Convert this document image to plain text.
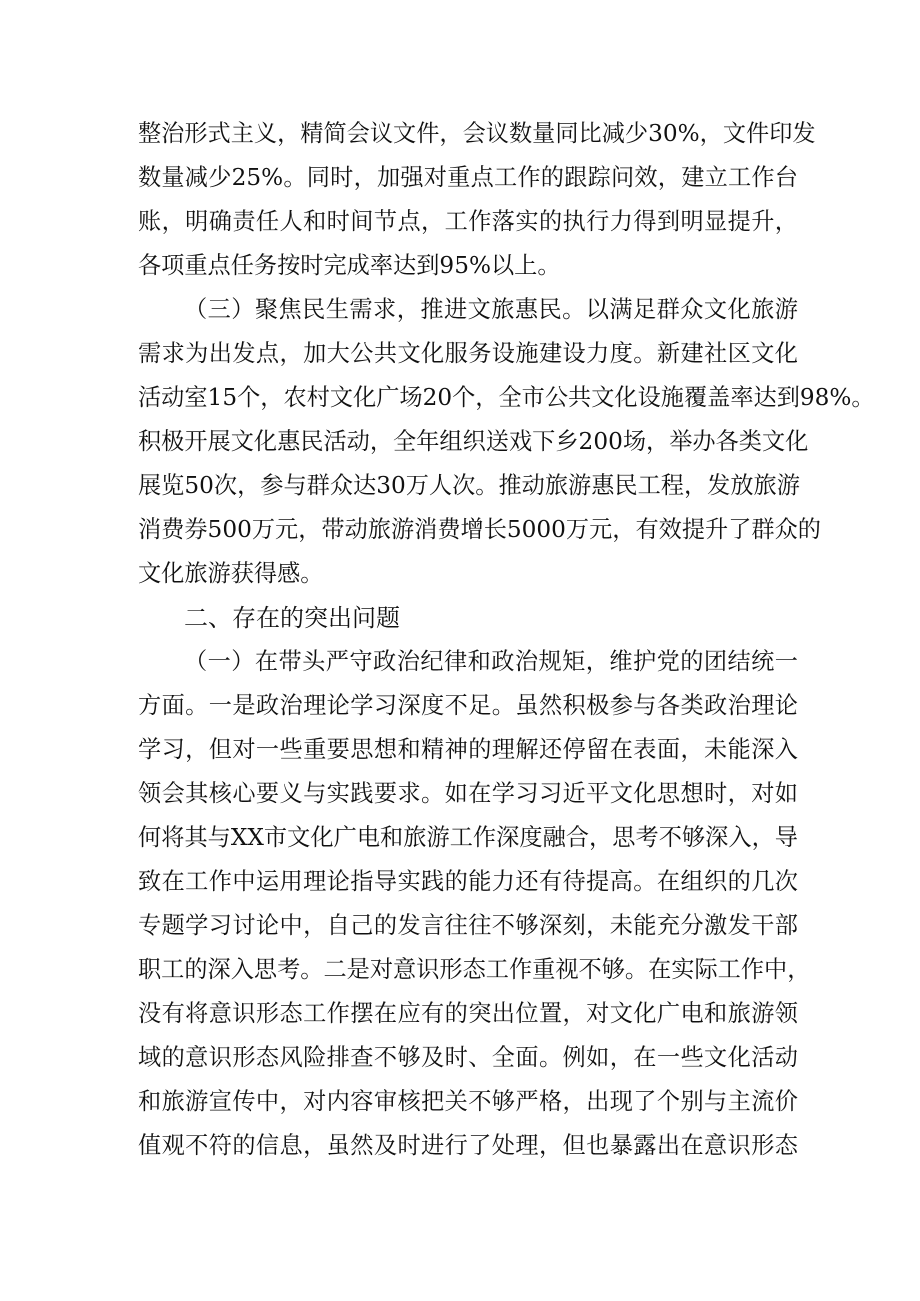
整治形式主义，精简会议文件，会议数量同比减少30%，文件印发
数量减少25%。同时，加强对重点工作的跟踪问效，建立工作台
账，明确责任人和时间节点，工作落实的执行力得到明显提升，
各项重点任务按时完成率达到95%以上。
（三）聚焦民生需求，推进文旅惠民。以满足群众文化旅游
需求为出发点，加大公共文化服务设施建设力度。新建社区文化
活动室15个，农村文化广场20个，全市公共文化设施覆盖率达到98%。
积极开展文化惠民活动，全年组织送戏下乡200场，举办各类文化
展览50次，参与群众达30万人次。推动旅游惠民工程，发放旅游
消费券500万元，带动旅游消费增长5000万元，有效提升了群众的
文化旅游获得感。
二、存在的突出问题
（一）在带头严守政治纪律和政治规矩，维护党的团结统一
方面。一是政治理论学习深度不足。虽然积极参与各类政治理论
学习，但对一些重要思想和精神的理解还停留在表面，未能深入
领会其核心要义与实践要求。如在学习习近平文化思想时，对如
何将其与XX市文化广电和旅游工作深度融合，思考不够深入，导
致在工作中运用理论指导实践的能力还有待提高。在组织的几次
专题学习讨论中，自己的发言往往不够深刻，未能充分激发干部
职工的深入思考。二是对意识形态工作重视不够。在实际工作中，
没有将意识形态工作摆在应有的突出位置，对文化广电和旅游领
域的意识形态风险排查不够及时、全面。例如，在一些文化活动
和旅游宣传中，对内容审核把关不够严格，出现了个别与主流价
值观不符的信息，虽然及时进行了处理，但也暴露出在意识形态
